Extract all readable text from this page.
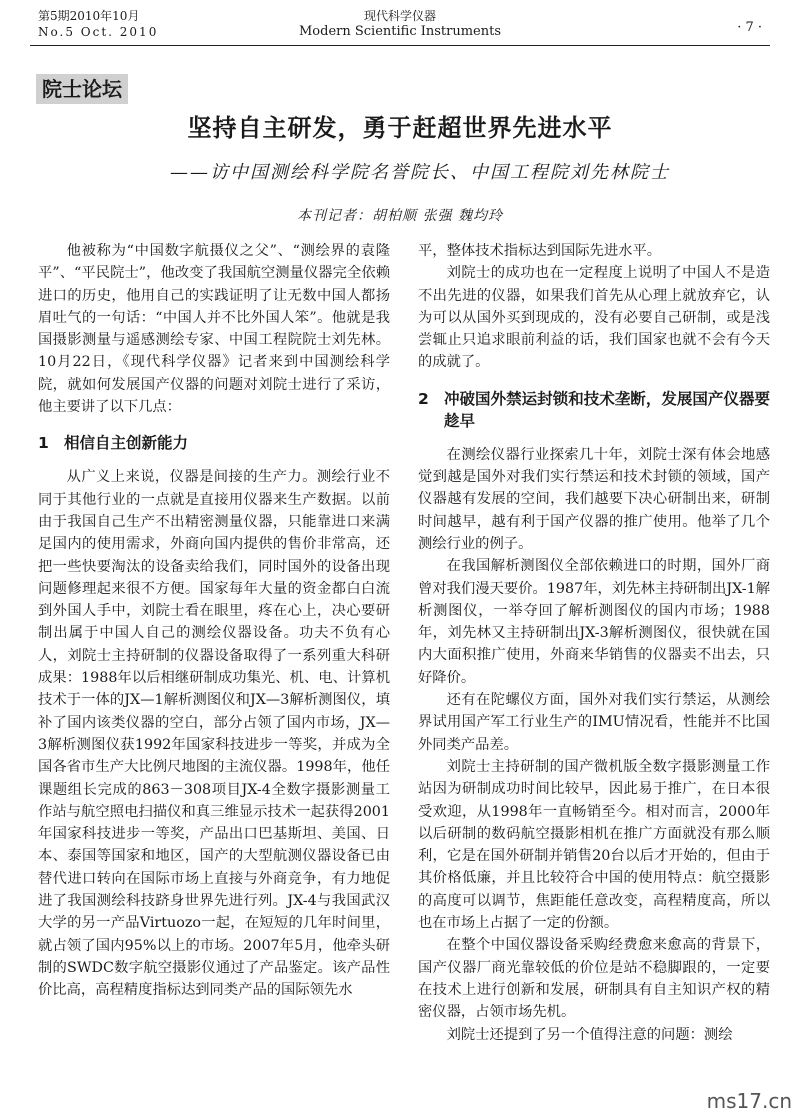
第5期2010年10月
No.5 Oct. 2010
现代科学仪器
Modern Scientific Instruments	· 7 ·
院士论坛
坚持自主研发，勇于赶超世界先进水平
——访中国测绘科学院名誉院长、中国工程院刘先林院士
本刊记者：胡柏顺 张强 魏均玲

他被称为“中国数字航摄仪之父”、“测绘界的袁隆平”、“平民院士”，他改变了我国航空测量仪器完全依赖进口的历史，他用自己的实践证明了让无数中国人都扬眉吐气的一句话：“中国人并不比外国人笨”。他就是我国摄影测量与遥感测绘专家、中国工程院院士刘先林。10月22日，《现代科学仪器》记者来到中国测绘科学院，就如何发展国产仪器的问题对刘院士进行了采访，他主要讲了以下几点：

1 相信自主创新能力

从广义上来说，仪器是间接的生产力。测绘行业不同于其他行业的一点就是直接用仪器来生产数据。以前由于我国自己生产不出精密测量仪器，只能靠进口来满足国内的使用需求，外商向国内提供的售价非常高，还把一些快要淘汰的设备卖给我们，同时国外的设备出现问题修理起来很不方便。国家每年大量的资金都白白流到外国人手中，刘院士看在眼里，疼在心上，决心要研制出属于中国人自己的测绘仪器设备。功夫不负有心人，刘院士主持研制的仪器设备取得了一系列重大科研成果：1988年以后相继研制成功集光、机、电、计算机技术于一体的JX—1解析测图仪和JX—3解析测图仪，填补了国内该类仪器的空白，部分占领了国内市场，JX—3解析测图仪获1992年国家科技进步一等奖，并成为全国各省市生产大比例尺地图的主流仪器。1998年，他任课题组长完成的863－308项目JX-4全数字摄影测量工作站与航空照电扫描仪和真三维显示技术一起获得2001年国家科技进步一等奖，产品出口巴基斯坦、美国、日本、泰国等国家和地区，国产的大型航测仪器设备已由替代进口转向在国际市场上直接与外商竞争，有力地促进了我国测绘科技跻身世界先进行列。JX-4与我国武汉大学的另一产品Virtuozo一起，在短短的几年时间里，就占领了国内95%以上的市场。2007年5月，他牵头研制的SWDC数字航空摄影仪通过了产品鉴定。该产品性价比高，高程精度指标达到同类产品的国际领先水

平，整体技术指标达到国际先进水平。

刘院士的成功也在一定程度上说明了中国人不是造不出先进的仪器，如果我们首先从心理上就放弃它，认为可以从国外买到现成的，没有必要自己研制，或是浅尝辄止只追求眼前利益的话，我们国家也就不会有今天的成就了。

2 冲破国外禁运封锁和技术垄断，发展国产仪器要趁早

在测绘仪器行业探索几十年，刘院士深有体会地感觉到越是国外对我们实行禁运和技术封锁的领域，国产仪器越有发展的空间，我们越要下决心研制出来，研制时间越早，越有利于国产仪器的推广使用。他举了几个测绘行业的例子。

在我国解析测图仪全部依赖进口的时期，国外厂商曾对我们漫天要价。1987年，刘先林主持研制出JX-1解析测图仪，一举夺回了解析测图仪的国内市场；1988年，刘先林又主持研制出JX-3解析测图仪，很快就在国内大面积推广使用，外商来华销售的仪器卖不出去，只好降价。

还有在陀螺仪方面，国外对我们实行禁运，从测绘界试用国产军工行业生产的IMU情况看，性能并不比国外同类产品差。

刘院士主持研制的国产微机版全数字摄影测量工作站因为研制成功时间比较早，因此易于推广，在日本很受欢迎，从1998年一直畅销至今。相对而言，2000年以后研制的数码航空摄影相机在推广方面就没有那么顺利，它是在国外研制并销售20台以后才开始的，但由于其价格低廉，并且比较符合中国的使用特点：航空摄影的高度可以调节，焦距能任意改变，高程精度高，所以也在市场上占据了一定的份额。

在整个中国仪器设备采购经费愈来愈高的背景下，国产仪器厂商光靠较低的价位是站不稳脚跟的，一定要在技术上进行创新和发展，研制具有自主知识产权的精密仪器，占领市场先机。

刘院士还提到了另一个值得注意的问题：测绘

ms17.cn
